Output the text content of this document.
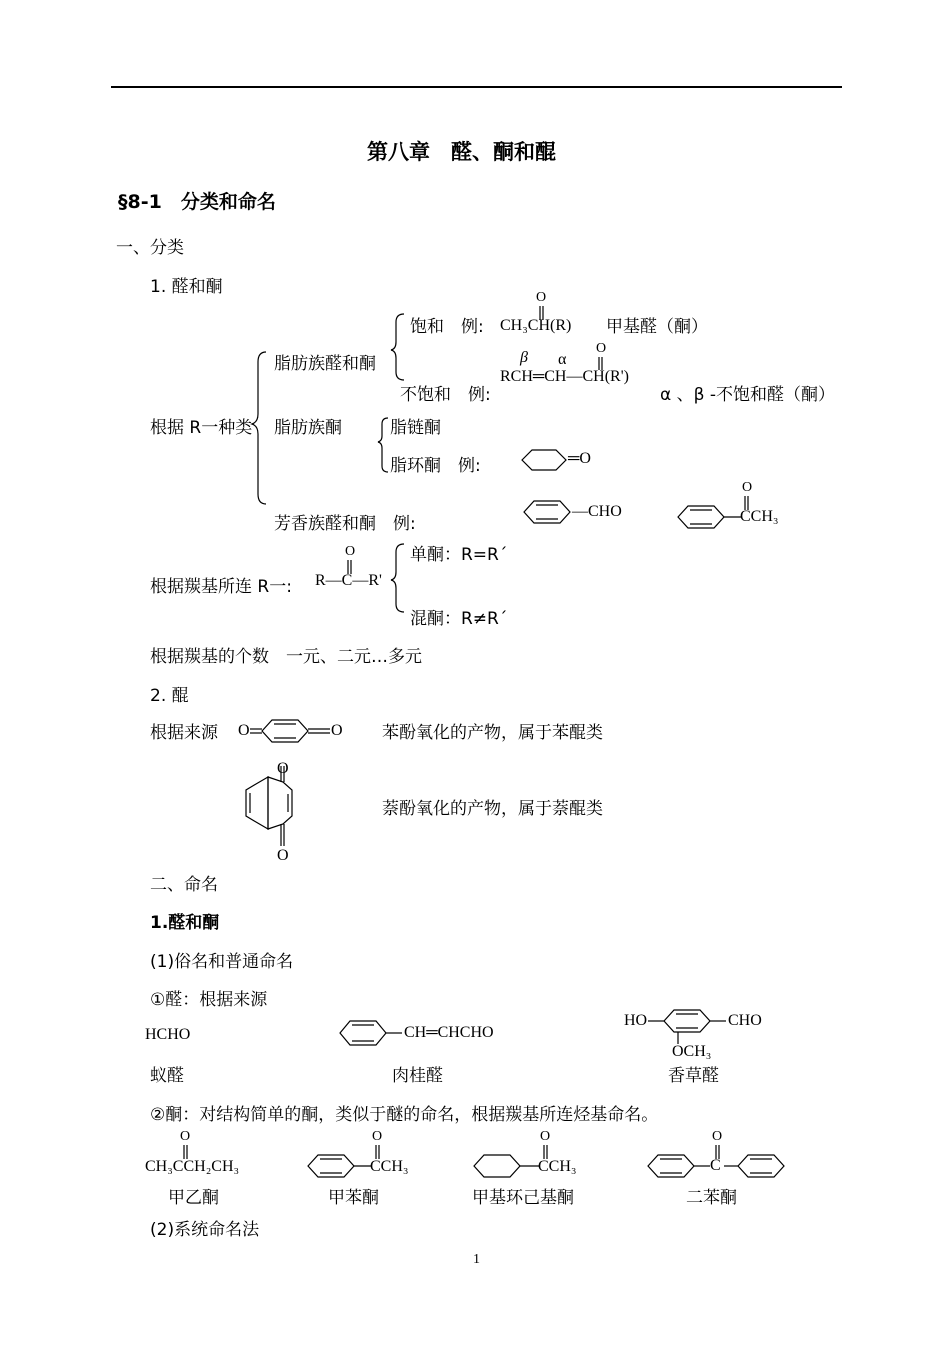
第八章　醛、酮和醌
§8-1　分类和命名
一、分类
1. 醛和酮
根据 R一种类
脂肪族醛和酮
饱和　例:
O
CH₃CH(R) 甲基醛（酮）
β α
O
不饱和　例:
RCH═CH—CH(R')
α 、β -不饱和醛（酮）
脂肪族酮	脂链酮
脂环酮　例:	═O
芳香族醛和酮　例:
—CHO
O
CCH₃
根据羰基所连 R一:
O
R—C—R'
单酮：R=R´
混酮：R≠R´
根据羰基的个数　一元、二元…多元
2. 醌
根据来源 O	O 苯酚氧化的产物，属于苯醌类
O
O
萘酚氧化的产物，属于萘醌类
二、命名
1.醛和酮
(1)俗名和普通命名
①醛：根据来源
HCHO
蚁醛
CH═CHCHO
肉桂醛
HO	CHO
OCH₃
香草醛
②酮：对结构简单的酮，类似于醚的命名，根据羰基所连烃基命名。
O
CH₃CCH₂CH₃
甲乙酮
O
CCH₃
甲苯酮
O
CCH₃
甲基环己基酮
O
C
二苯酮
(2)系统命名法
1
